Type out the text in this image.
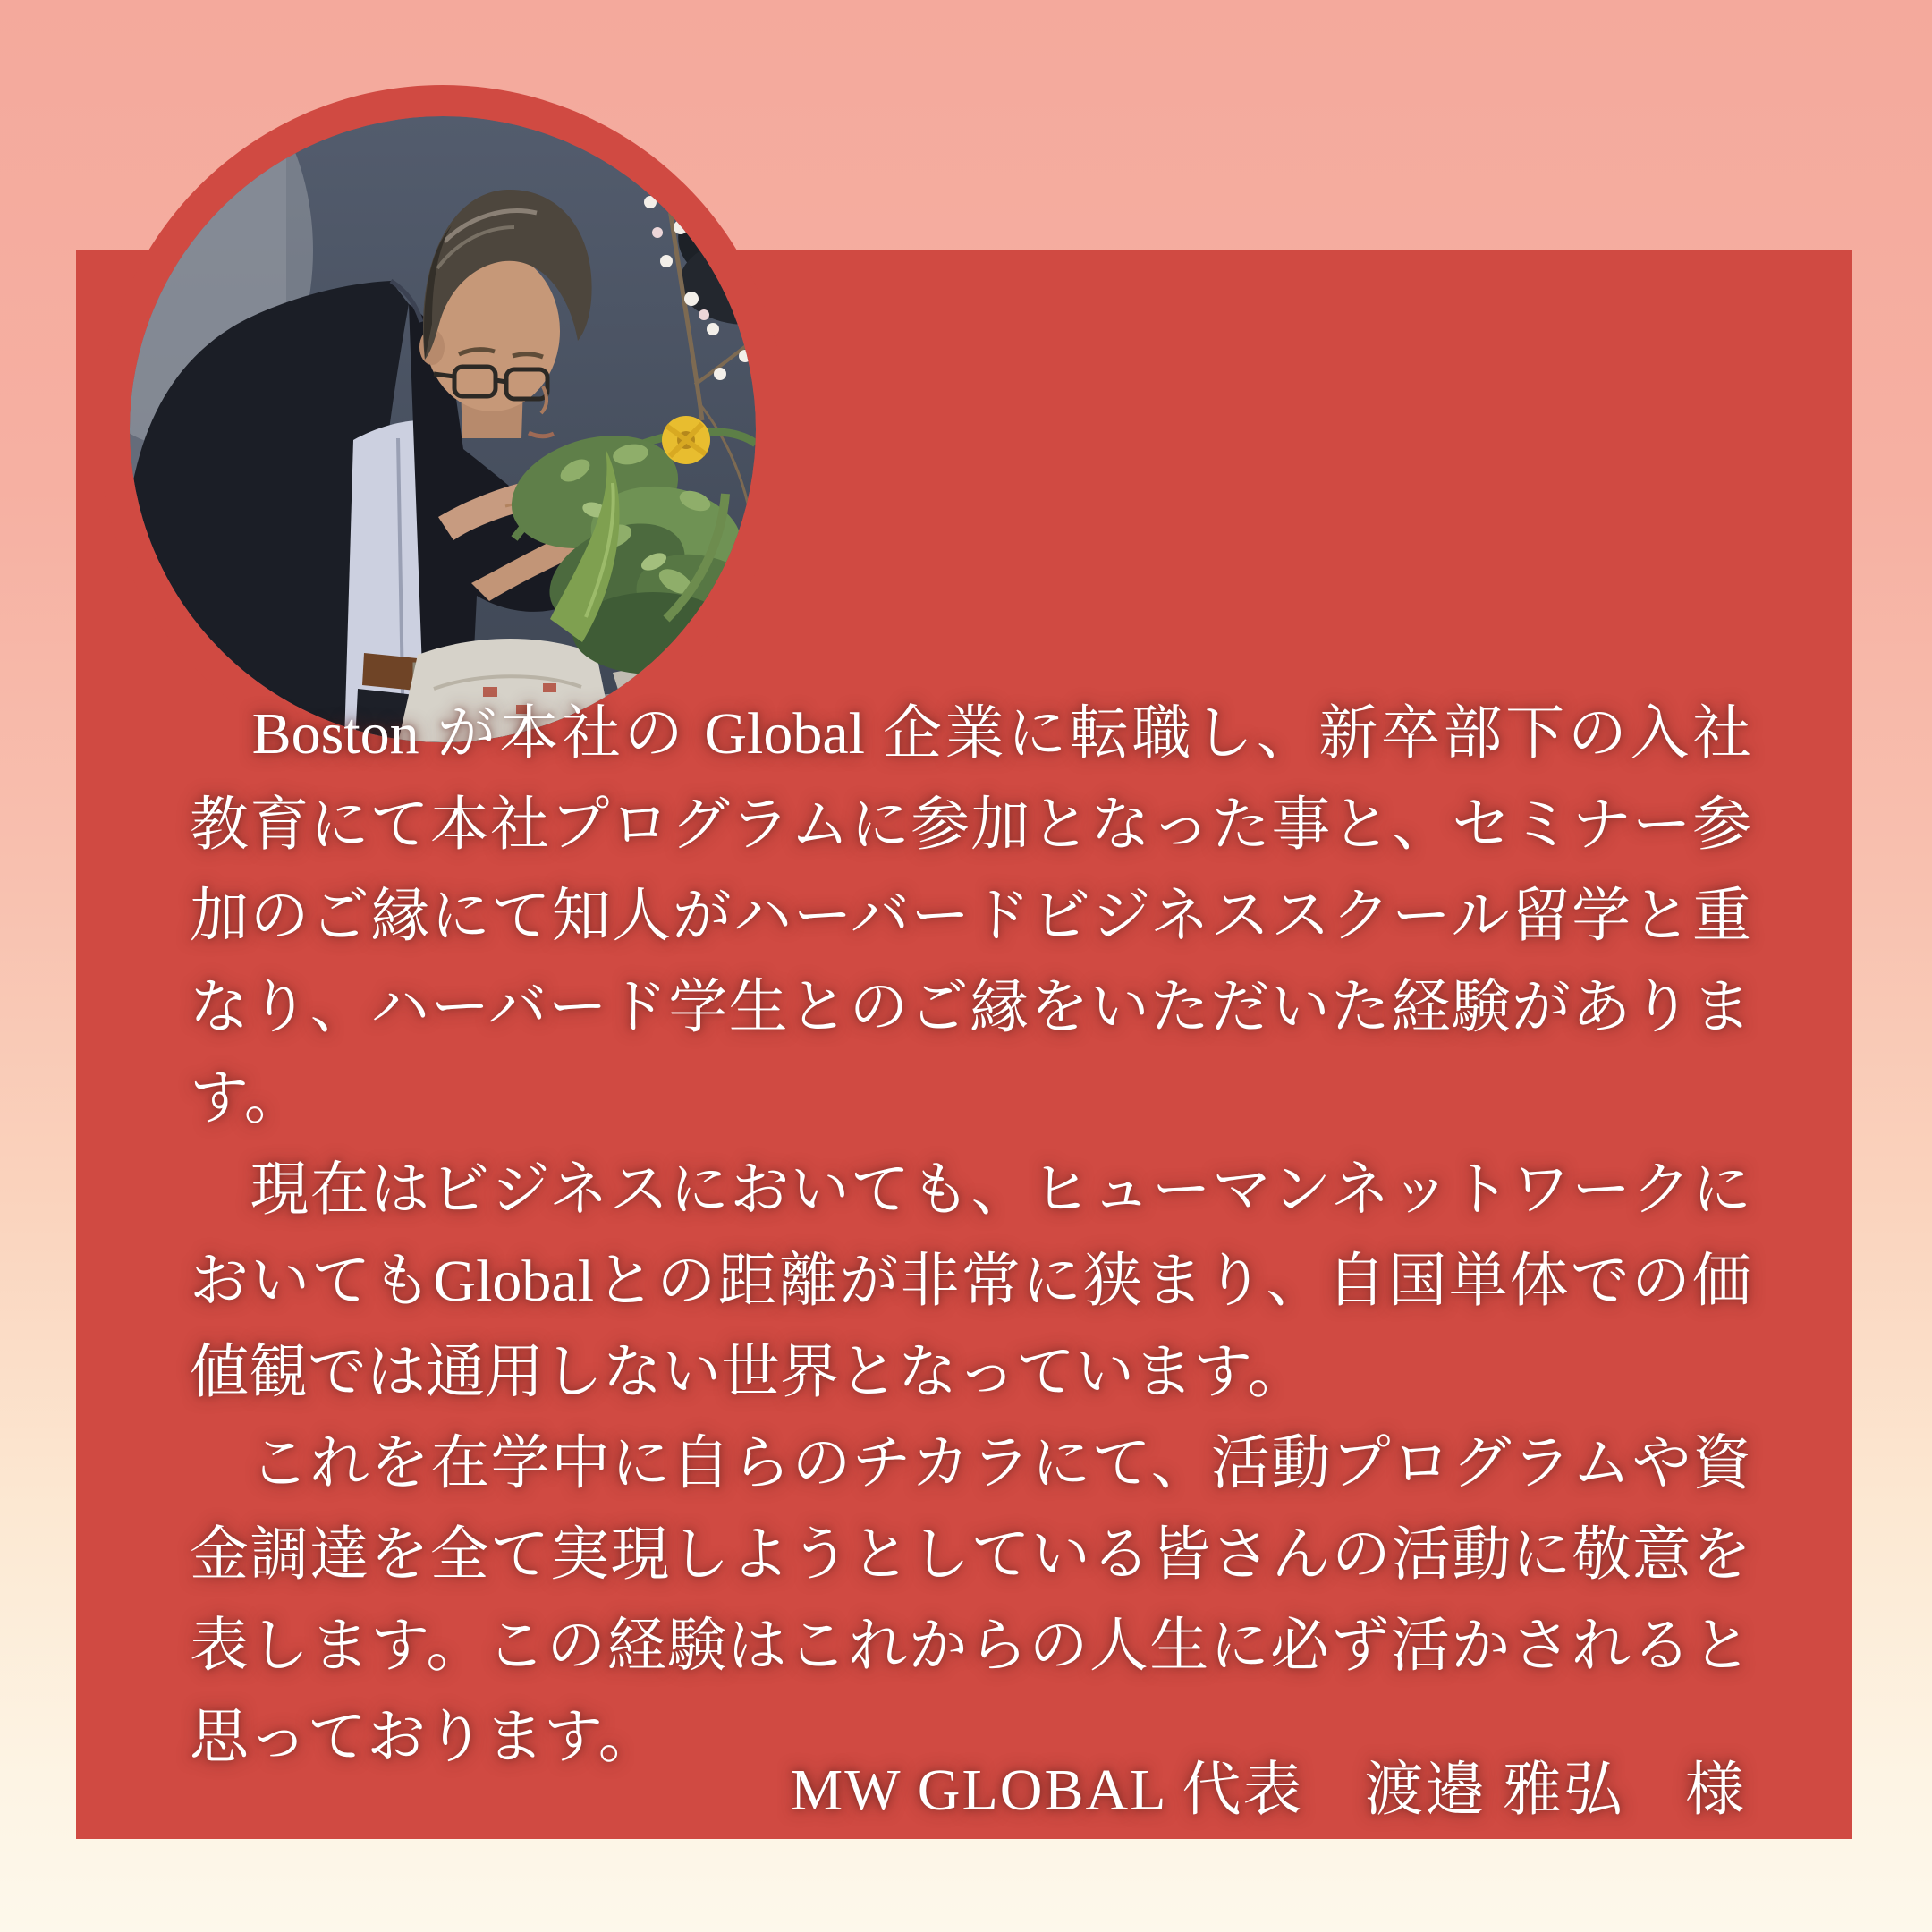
　Boston が本社の Global 企業に転職し、新卒部下の入社
教育にて本社プログラムに参加となった事と、セミナー参
加のご縁にて知人がハーバードビジネススクール留学と重
なり、ハーバード学生とのご縁をいただいた経験がありま
す。
　現在はビジネスにおいても、ヒューマンネットワークに
おいてもGlobalとの距離が非常に狭まり、自国単体での価
値観では通用しない世界となっています。
　これを在学中に自らのチカラにて、活動プログラムや資
金調達を全て実現しようとしている皆さんの活動に敬意を
表します。この経験はこれからの人生に必ず活かされると
思っております。
MW GLOBAL 代表　渡邉 雅弘　様
